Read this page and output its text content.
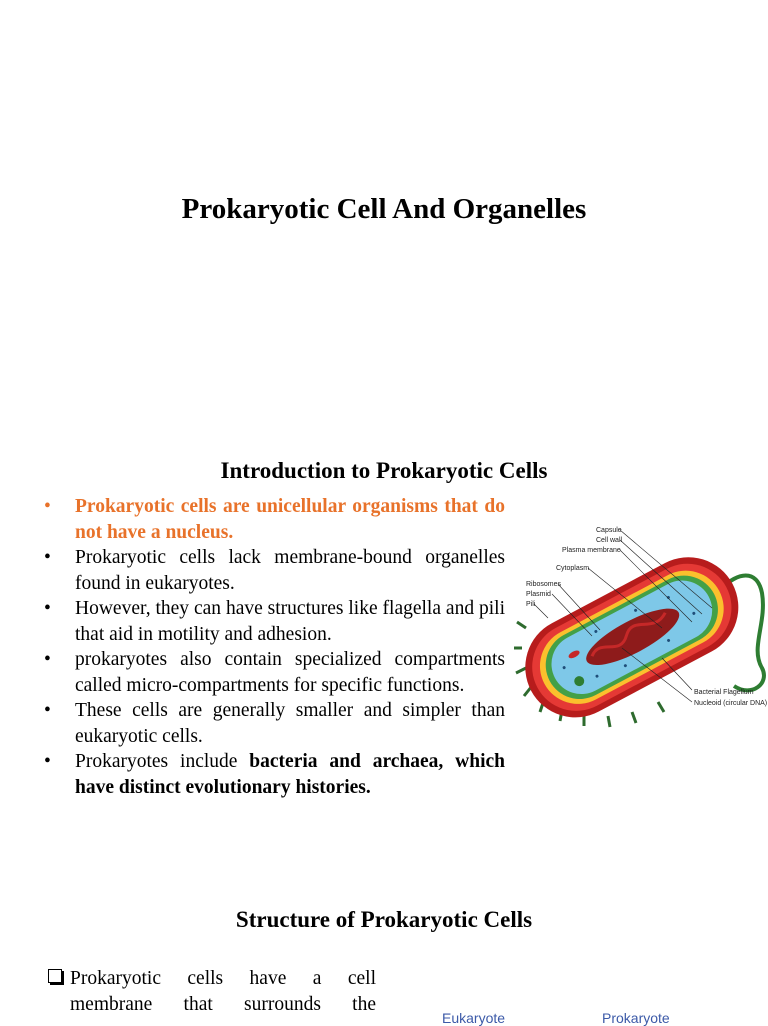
Prokaryotic Cell And Organelles
Introduction to Prokaryotic Cells
• Prokaryotic cells are unicellular organisms that do not have a nucleus.
• Prokaryotic cells lack membrane-bound organelles found in eukaryotes.
• However, they can have structures like flagella and pili that aid in motility and adhesion.
• prokaryotes also contain specialized compartments called micro-compartments for specific functions.
• These cells are generally smaller and simpler than eukaryotic cells.
• Prokaryotes include bacteria and archaea, which have distinct evolutionary histories.
Capsule
Cell wall
Plasma membrane
Cytoplasm
Ribosomes
Plasmid
Pili
Bacterial Flagellum
Nucleoid (circular DNA)
Structure of Prokaryotic Cells
Prokaryotic cells have a cell membrane that surrounds the
Eukaryote	Prokaryote
